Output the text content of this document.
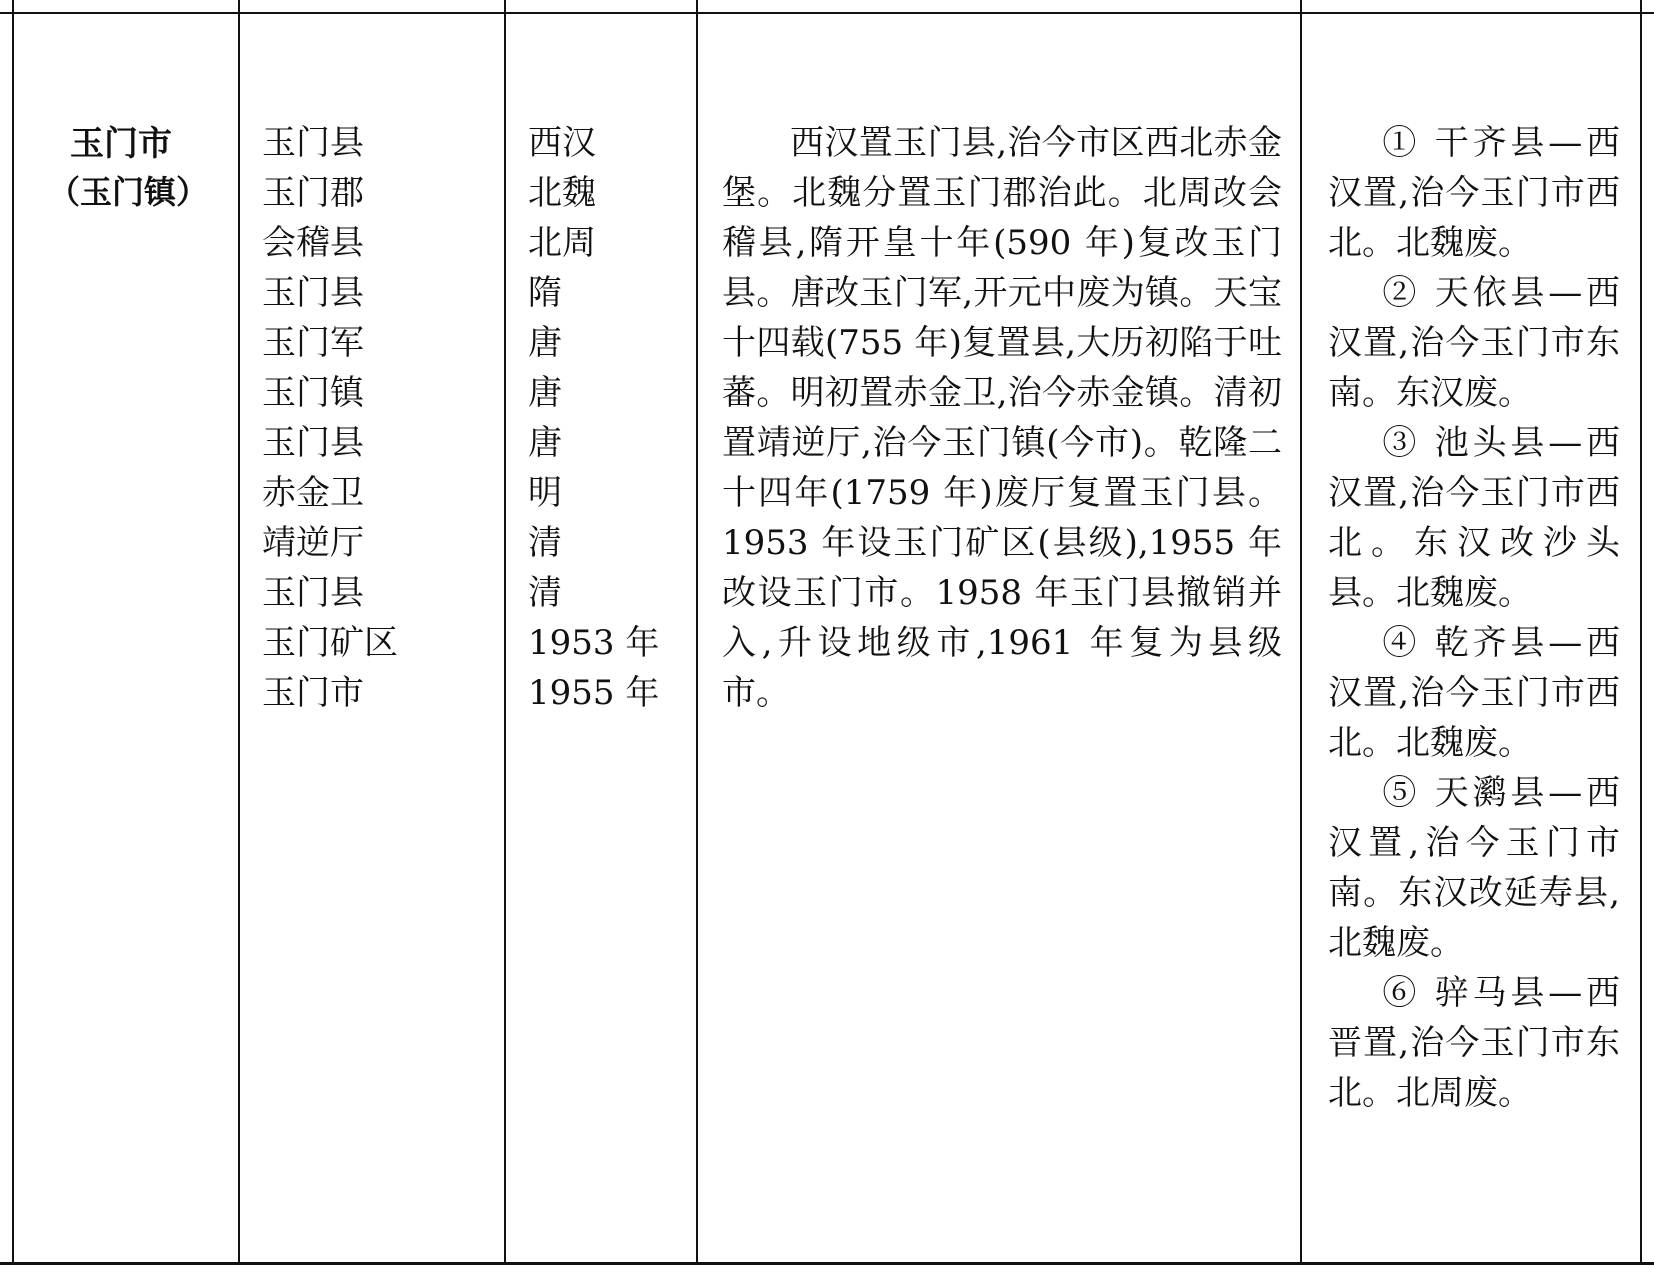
玉门市
（玉门镇）
玉门县
玉门郡
会稽县
玉门县
玉门军
玉门镇
玉门县
赤金卫
靖逆厅
玉门县
玉门矿区
玉门市
西汉
北魏
北周
隋
唐
唐
唐
明
清
清
1953 年
1955 年
西汉置玉门县,治今市区西北赤金堡。北魏分置玉门郡治此。北周改会稽县,隋开皇十年(590 年)复改玉门县。唐改玉门军,开元中废为镇。天宝十四载(755 年)复置县,大历初陷于吐蕃。明初置赤金卫,治今赤金镇。清初置靖逆厅,治今玉门镇(今市)。乾隆二十四年(1759 年)废厅复置玉门县。1953 年设玉门矿区(县级),1955 年改设玉门市。1958 年玉门县撤销并入,升设地级市,1961 年复为县级市。
① 干齐县—西汉置,治今玉门市西北。北魏废。
② 天依县—西汉置,治今玉门市东南。东汉废。
③ 池头县—西汉置,治今玉门市西北。东汉改沙头县。北魏废。
④ 乾齐县—西汉置,治今玉门市西北。北魏废。
⑤ 天㶉县—西汉置,治今玉门市南。东汉改延寿县,北魏废。
⑥ 骍马县—西晋置,治今玉门市东北。北周废。
